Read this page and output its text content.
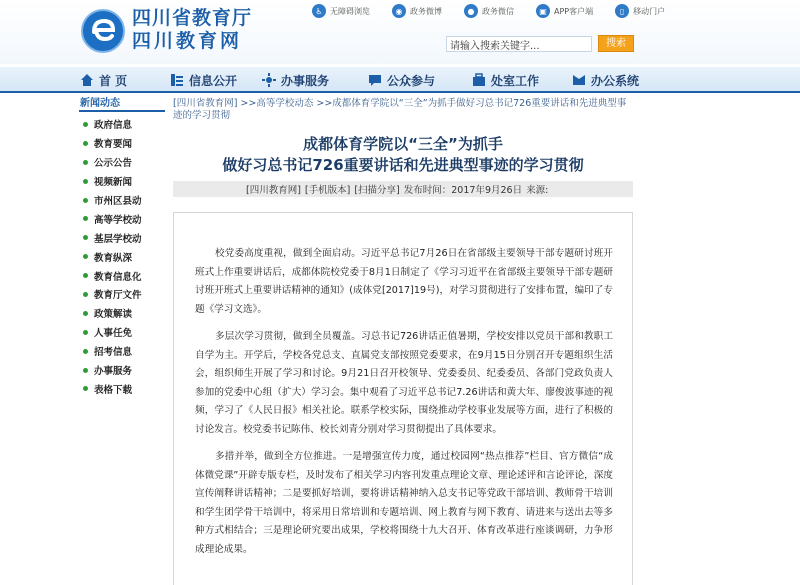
四川省教育厅
四川教育网
♿ 无障碍浏览	◉ 政务微博	● 政务微信	▣ APP客户端	▯	移动门户
请输入搜索关键字...
搜索
首 页	信息公开	办事服务	公众参与	处室工作	办公系统
新闻动态
政府信息
教育要闻
公示公告
视频新闻
市州区县动
高等学校动
基层学校动
教育纵深
教育信息化
教育厅文件
政策解读
人事任免
招考信息
办事服务
表格下载
[四川省教育网] >>高等学校动态 >>成都体育学院以“三全”为抓手做好习总书记726重要讲话和先进典型事迹的学习贯彻
成都体育学院以“三全”为抓手
做好习总书记726重要讲话和先进典型事迹的学习贯彻
[四川教育网] [手机版本] [扫描分享] 发布时间：2017年9月26日 来源:

校党委高度重视，做到全面启动。习近平总书记7月26日在省部级主要领导干部专题研讨班开班式上作重要讲话后，成都体院校党委于8月1日制定了《学习习近平在省部级主要领导干部专题研讨班开班式上重要讲话精神的通知》(成体党[2017]19号)，对学习贯彻进行了安排布置，编印了专题《学习文选》。

多层次学习贯彻，做到全员覆盖。习总书记726讲话正值暑期，学校安排以党员干部和教职工自学为主。开学后，学校各党总支、直属党支部按照党委要求，在9月15日分别召开专题组织生活会，组织师生开展了学习和讨论。9月21日召开校领导、党委委员、纪委委员、各部门党政负责人参加的党委中心组（扩大）学习会。集中观看了习近平总书记7.26讲话和黄大年、廖俊波事迹的视频，学习了《人民日报》相关社论。联系学校实际，围绕推动学校事业发展等方面，进行了积极的讨论发言。校党委书记陈伟、校长刘青分别对学习贯彻提出了具体要求。

多措并举，做到全方位推进。一是增强宣传力度，通过校园网“热点推荐”栏目、官方微信“成体微党课”开辟专版专栏，及时发布了相关学习内容刊发重点理论文章、理论述评和言论评论，深度宣传阐释讲话精神；二是要抓好培训，要将讲话精神纳入总支书记等党政干部培训、教师骨干培训和学生团学骨干培训中，将采用日常培训和专题培训、网上教育与网下教育、请进来与送出去等多种方式相结合；三是理论研究要出成果，学校将围绕十九大召开、体育改革进行座谈调研，力争形成理论成果。
